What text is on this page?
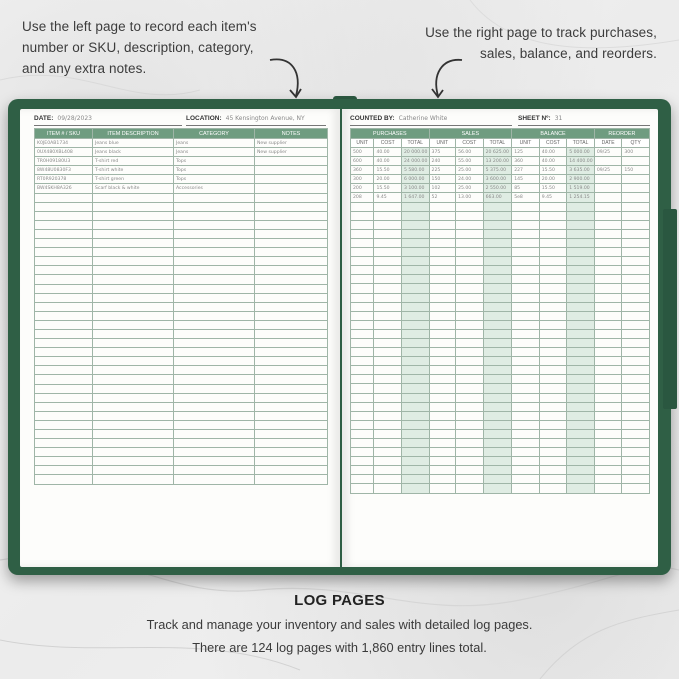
Use the left page to record each item's
number or SKU, description, category,
and any extra notes.
Use the right page to track purchases,
sales, balance, and reorders.
DATE: 09/28/2023	LOCATION: 45 Kensington Avenue, NY
ITEM # / SKU	ITEM DESCRIPTION	CATEGORY	NOTES
K0JE0AB1734	Jeans blue	Jeans	New supplier
0UX480XBL408	Jeans black	Jeans	New supplier
TR0H09180U3	T-shirt red	Tops	
8W48U0830F3	T-shirt white	Tops	
RT0R920378	T-shirt green	Tops	
BW4SKH8A326	Scarf black & white	Accessories	

COUNTED BY: Catherine White	SHEET Nº: 31
PURCHASES			SALES			BALANCE			REORDER	
UNIT	COST	TOTAL	UNIT	COST	TOTAL	UNIT	COST	TOTAL	DATE	QTY
500	40.00	20 000.00	375	56.00	20 625.00	125	40.00	5 000.00	09/25	300
600	40.00	24 000.00	240	55.00	13 200.00	360	40.00	14 400.00		
360	15.50	5 580.00	225	25.00	5 375.00	227	15.50	3 635.00	09/25	150
300	20.00	6 000.00	150	24.00	3 600.00	145	20.00	2 900.00		
200	15.50	3 100.00	102	25.00	2 550.00	85	15.50	1 519.00		
208	9.45	1 647.00	52	13.00	663.00	5e8	9.45	1 254.15		

LOG PAGES
Track and manage your inventory and sales with detailed log pages.
There are 124 log pages with 1,860 entry lines total.
